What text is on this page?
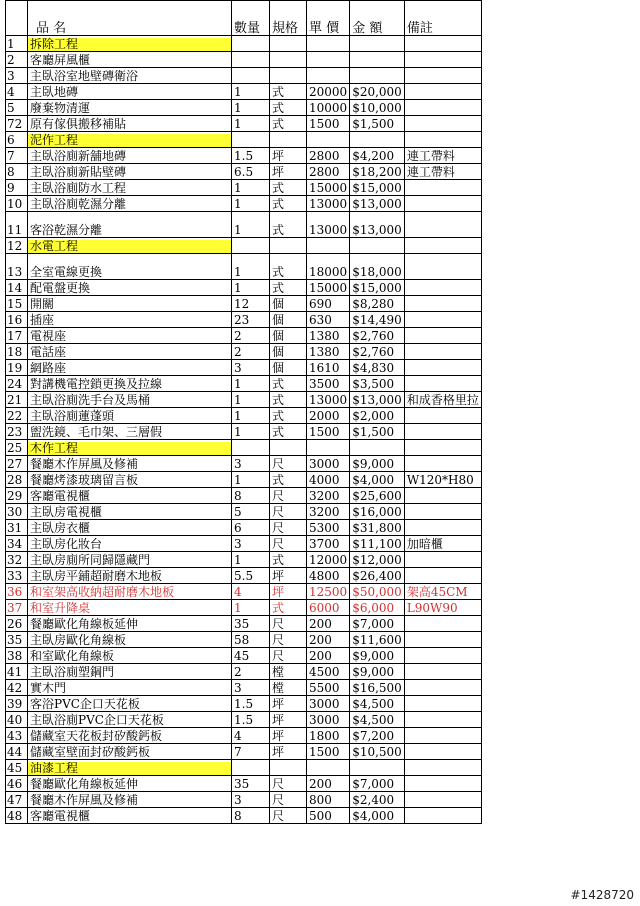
	品 名	數量	規格	單 價	金 額	備註
1	拆除工程					
2	客廳屏風櫃					
3	主臥浴室地壁磚衛浴					
4	主臥地磚	1	式	20000	$20,000	
5	廢棄物清運	1	式	10000	$10,000	
72	原有傢俱搬移補貼	1	式	1500	$1,500	
6	泥作工程					
7	主臥浴廁新舖地磚	1.5	坪	2800	$4,200	連工帶料
8	主臥浴廁新貼壁磚	6.5	坪	2800	$18,200	連工帶料
9	主臥浴廁防水工程	1	式	15000	$15,000	
10	主臥浴廁乾濕分離	1	式	13000	$13,000	
11	客浴乾濕分離	1	式	13000	$13,000	
12	水電工程					
13	全室電線更換	1	式	18000	$18,000	
14	配電盤更換	1	式	15000	$15,000	
15	開關	12	個	690	$8,280	
16	插座	23	個	630	$14,490	
17	電視座	2	個	1380	$2,760	
18	電話座	2	個	1380	$2,760	
19	網路座	3	個	1610	$4,830	
24	對講機電控鎖更換及拉線	1	式	3500	$3,500	
21	主臥浴廁洗手台及馬桶	1	式	13000	$13,000	和成香格里拉
22	主臥浴廁蓮蓬頭	1	式	2000	$2,000	
23	盥洗鏡、毛巾架、三層假	1	式	1500	$1,500	
25	木作工程					
27	餐廳木作屏風及修補	3	尺	3000	$9,000	
28	餐廳烤漆玻璃留言板	1	式	4000	$4,000	W120*H80
29	客廳電視櫃	8	尺	3200	$25,600	
30	主臥房電視櫃	5	尺	3200	$16,000	
31	主臥房衣櫃	6	尺	5300	$31,800	
34	主臥房化妝台	3	尺	3700	$11,100	加暗櫃
32	主臥房廁所同歸隱藏門	1	式	12000	$12,000	
33	主臥房平鋪超耐磨木地板	5.5	坪	4800	$26,400	
36	和室架高收納超耐磨木地板	4	坪	12500	$50,000	架高45CM
37	和室升降桌	1	式	6000	$6,000	L90W90
26	餐廳歐化角線板延伸	35	尺	200	$7,000	
35	主臥房歐化角線板	58	尺	200	$11,600	
38	和室歐化角線板	45	尺	200	$9,000	
41	主臥浴廁塑鋼門	2	樘	4500	$9,000	
42	實木門	3	樘	5500	$16,500	
39	客浴PVC企口天花板	1.5	坪	3000	$4,500	
40	主臥浴廁PVC企口天花板	1.5	坪	3000	$4,500	
43	儲藏室天花板封矽酸鈣板	4	坪	1800	$7,200	
44	儲藏室壁面封矽酸鈣板	7	坪	1500	$10,500	
45	油漆工程					
46	餐廳歐化角線板延伸	35	尺	200	$7,000	
47	餐廳木作屏風及修補	3	尺	800	$2,400	
48	客廳電視櫃	8	尺	500	$4,000	
#1428720
